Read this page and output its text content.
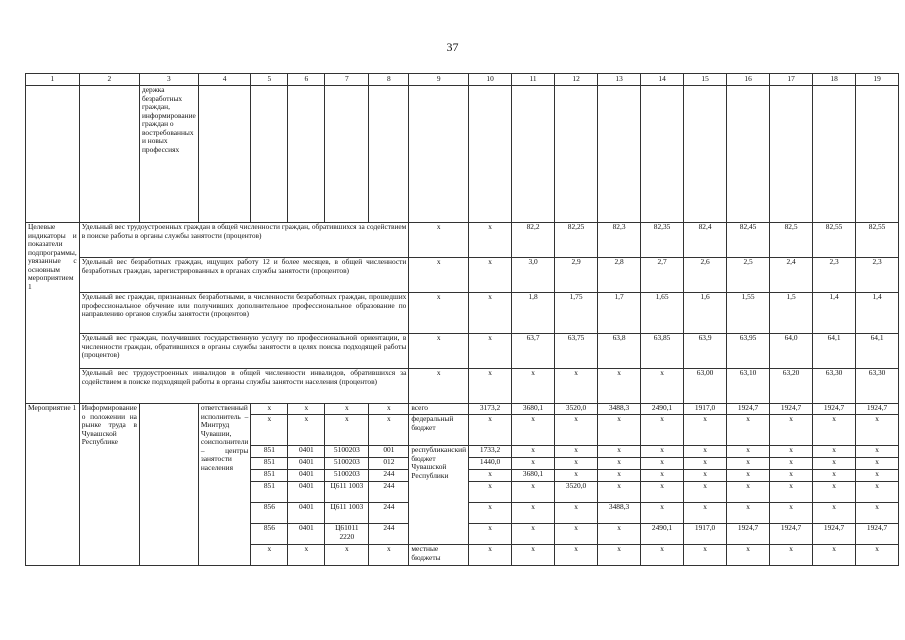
37
1	2	3	4	5	6	7	8	9	10	11	12	13	14	15	16	17	18	19
		держка безработных граждан, информирование граждан о востребованных и новых профессиях																
Целевые индикаторы и показатели подпрограммы, увязанные с основным мероприятием 1	Удельный вес трудоустроенных граждан в общей численности граждан, обратившихся за содействием в поиске работы в органы службы занятости (процентов)							x	x	82,2	82,25	82,3	82,35	82,4	82,45	82,5	82,55	82,55
	Удельный вес безработных граждан, ищущих работу 12 и более месяцев, в общей численности безработных граждан, зарегистрированных в органах службы занятости (процентов)							x	x	3,0	2,9	2,8	2,7	2,6	2,5	2,4	2,3	2,3
	Удельный вес граждан, признанных безработными, в численности безработных граждан, прошедших профессиональное обучение или получивших дополнительное профессиональное образование по направлению органов службы занятости (процентов)							x	x	1,8	1,75	1,7	1,65	1,6	1,55	1,5	1,4	1,4
	Удельный вес граждан, получивших государственную услугу по профессиональной ориентации, в численности граждан, обратившихся в органы службы занятости в целях поиска подходящей работы (процентов)							x	x	63,7	63,75	63,8	63,85	63,9	63,95	64,0	64,1	64,1
	Удельный вес трудоустроенных инвалидов в общей численности инвалидов, обратившихся за содействием в поиске подходящей работы в органы службы занятости населения (процентов)							x	x	x	x	x	x	63,00	63,10	63,20	63,30	63,30
Мероприятие 1	Информирование о положении на рынке труда в Чувашской Республике		ответственный исполнитель – Минтруд Чувашии, соисполнители – центры занятости населения	x	x	x	x	всего	3173,2	3680,1	3520,0	3488,3	2490,1	1917,0	1924,7	1924,7	1924,7	1924,7
				x	x	x	x	федеральный бюджет	x	x	x	x	x	x	x	x	x	x
				851	0401	5100203	001	республиканский бюджет Чувашской Республики	1733,2	x	x	x	x	x	x	x	x	x
				851	0401	5100203	012		1440,0	x	x	x	x	x	x	x	x	x
				851	0401	5100203	244		x	3680,1	x	x	x	x	x	x	x	x
				851	0401	Ц611 1003	244		x	x	3520,0	x	x	x	x	x	x	x
				856	0401	Ц611 1003	244		x	x	x	3488,3	x	x	x	x	x	x
				856	0401	Ц61011 2220	244		x	x	x	x	2490,1	1917,0	1924,7	1924,7	1924,7	1924,7
				x	x	x	x	местные бюджеты	x	x	x	x	x	x	x	x	x	x
